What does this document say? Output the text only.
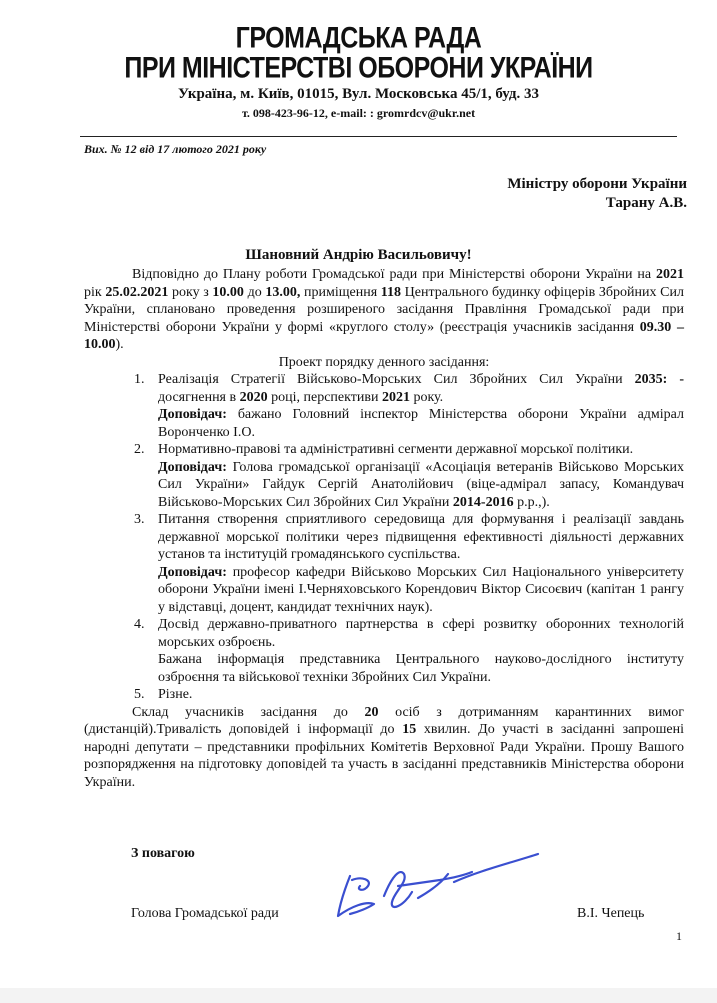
ГРОМАДСЬКА РАДА
ПРИ МІНІСТЕРСТВІ ОБОРОНИ УКРАЇНИ
Україна, м. Київ, 01015, Вул. Московська 45/1, буд. 33
т. 098-423-96-12, e-mail: : gromrdcv@ukr.net
Вих. № 12 від 17 лютого 2021 року
Міністру оборони України
Тарану А.В.
Шановний Андрію Васильовичу!

Відповідно до Плану роботи Громадської ради при Міністерстві оборони України на 2021 рік 25.02.2021 року з 10.00 до 13.00, приміщення 118 Центрального будинку офіцерів Збройних Сил України, сплановано проведення розширеного засідання Правління Громадської ради при Міністерстві оборони України у формі «круглого столу» (реєстрація учасників засідання 09.30 – 10.00).

Проект порядку денного засідання:

1. Реалізація Стратегії Військово-Морських Сил Збройних Сил України 2035: - досягнення в 2020 році, перспективи 2021 року.

Доповідач: бажано Головний інспектор Міністерства оборони України адмірал Ворончeнко І.О.

2. Нормативно-правові та адміністративні сегменти державної морської політики.

Доповідач: Голова громадської організації «Асоціація ветеранів Військово Морських Сил України» Гайдук Сергій Анатолійович (віце-адмірал запасу, Командувач Військово-Морських Сил Збройних Сил України 2014-2016 р.р.,).

3. Питання створення сприятливого середовища для формування і реалізації завдань державної морської політики через підвищення ефективності діяльності державних установ та інституцій громадянського суспільства.

Доповідач: професор кафедри Військово Морських Сил Національного університету оборони України імені І.Черняховського Корендович Віктор Сисоєвич (капітан 1 рангу у відставці, доцент, кандидат технічних наук).

4. Досвід державно-приватного партнерства в сфері розвитку оборонних технологій морських озброєнь.

Бажана інформація представника Центрального науково-дослідного інституту озброєння та військової техніки Збройних Сил України.

5. Різне.

Склад учасників засідання до 20 осіб з дотриманням карантинних вимог (дистанцій).Тривалість доповідей і інформації до 15 хвилин. До участі в засіданні запрошені народні депутати – представники профільних Комітетів Верховної Ради України. Прошу Вашого розпорядження на підготовку доповідей та участь в засіданні представників Міністерства оборони України.

З повагою
Голова Громадської ради	В.І. Чепець
1
